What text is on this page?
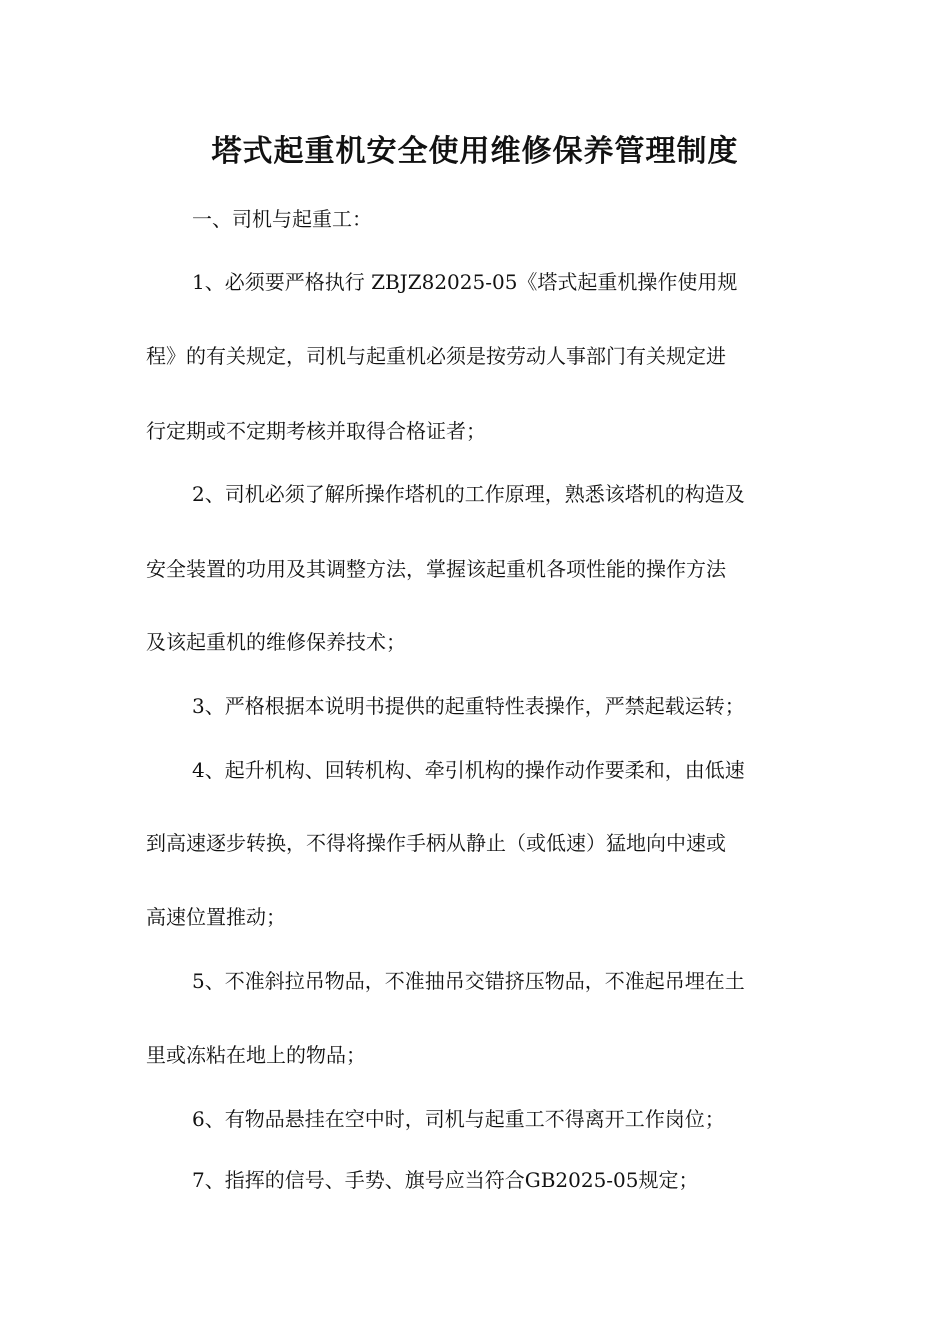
塔式起重机安全使用维修保养管理制度
一、司机与起重工：
1、必须要严格执行 ZBJZ82025-05《塔式起重机操作使用规
程》的有关规定，司机与起重机必须是按劳动人事部门有关规定进
行定期或不定期考核并取得合格证者；
2、司机必须了解所操作塔机的工作原理，熟悉该塔机的构造及
安全装置的功用及其调整方法，掌握该起重机各项性能的操作方法
及该起重机的维修保养技术；
3、严格根据本说明书提供的起重特性表操作，严禁起载运转；
4、起升机构、回转机构、牵引机构的操作动作要柔和，由低速
到高速逐步转换，不得将操作手柄从静止（或低速）猛地向中速或
高速位置推动；
5、不准斜拉吊物品，不准抽吊交错挤压物品，不准起吊埋在土
里或冻粘在地上的物品；
6、有物品悬挂在空中时，司机与起重工不得离开工作岗位；
7、指挥的信号、手势、旗号应当符合GB2025-05规定；
